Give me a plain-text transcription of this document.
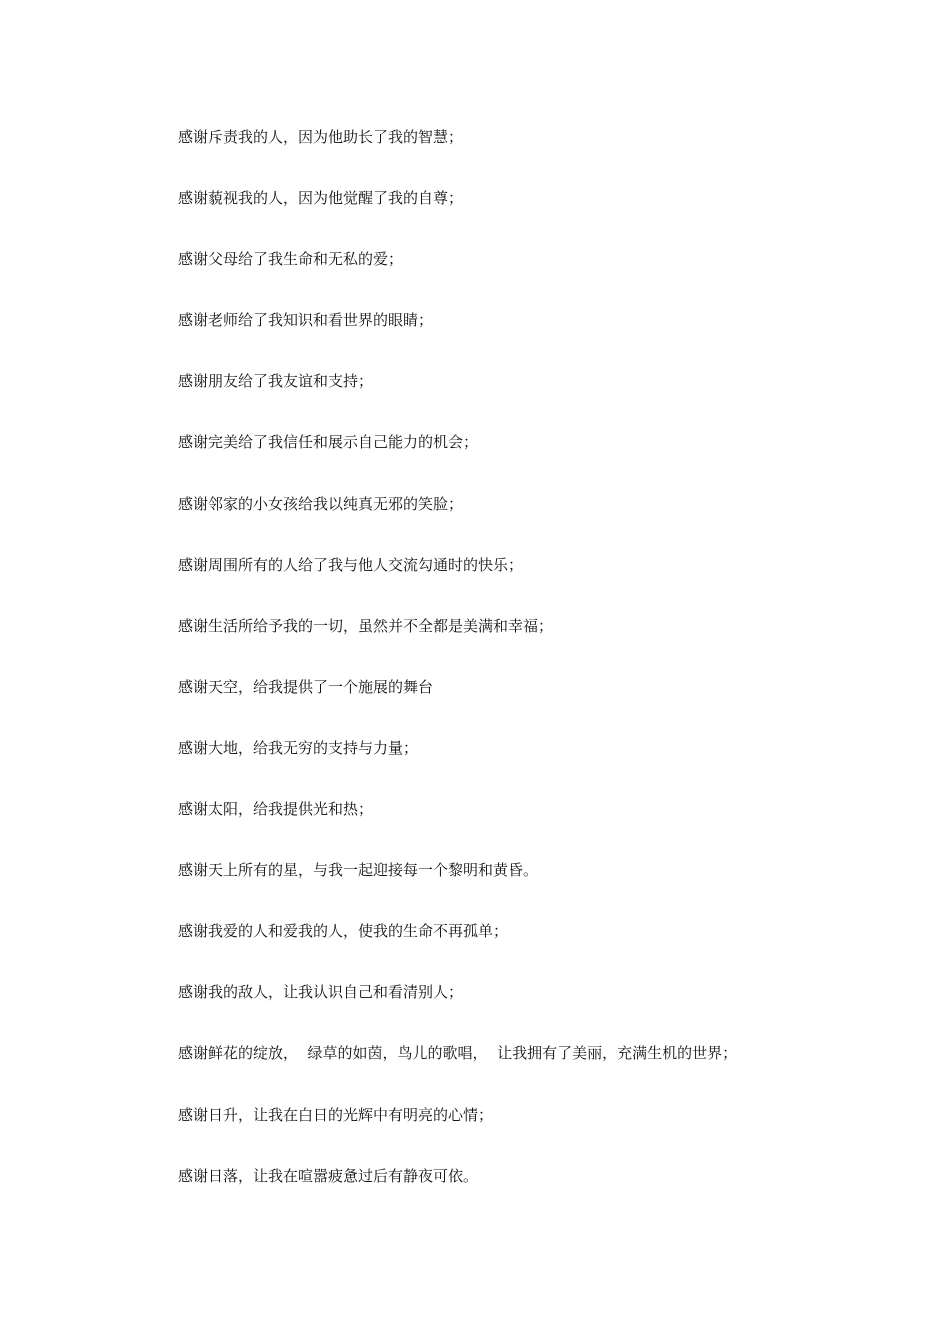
感谢斥责我的人，因为他助长了我的智慧；
感谢藐视我的人，因为他觉醒了我的自尊；
感谢父母给了我生命和无私的爱；
感谢老师给了我知识和看世界的眼睛；
感谢朋友给了我友谊和支持；
感谢完美给了我信任和展示自己能力的机会；
感谢邻家的小女孩给我以纯真无邪的笑脸；
感谢周围所有的人给了我与他人交流勾通时的快乐；
感谢生活所给予我的一切，虽然并不全都是美满和幸福；
感谢天空，给我提供了一个施展的舞台
感谢大地，给我无穷的支持与力量；
感谢太阳，给我提供光和热；
感谢天上所有的星，与我一起迎接每一个黎明和黄昏。
感谢我爱的人和爱我的人，使我的生命不再孤单；
感谢我的敌人，让我认识自己和看清别人；
感谢鲜花的绽放，  绿草的如茵，鸟儿的歌唱，  让我拥有了美丽，充满生机的世界；
感谢日升，让我在白日的光辉中有明亮的心情；
感谢日落，让我在喧嚣疲惫过后有静夜可依。
